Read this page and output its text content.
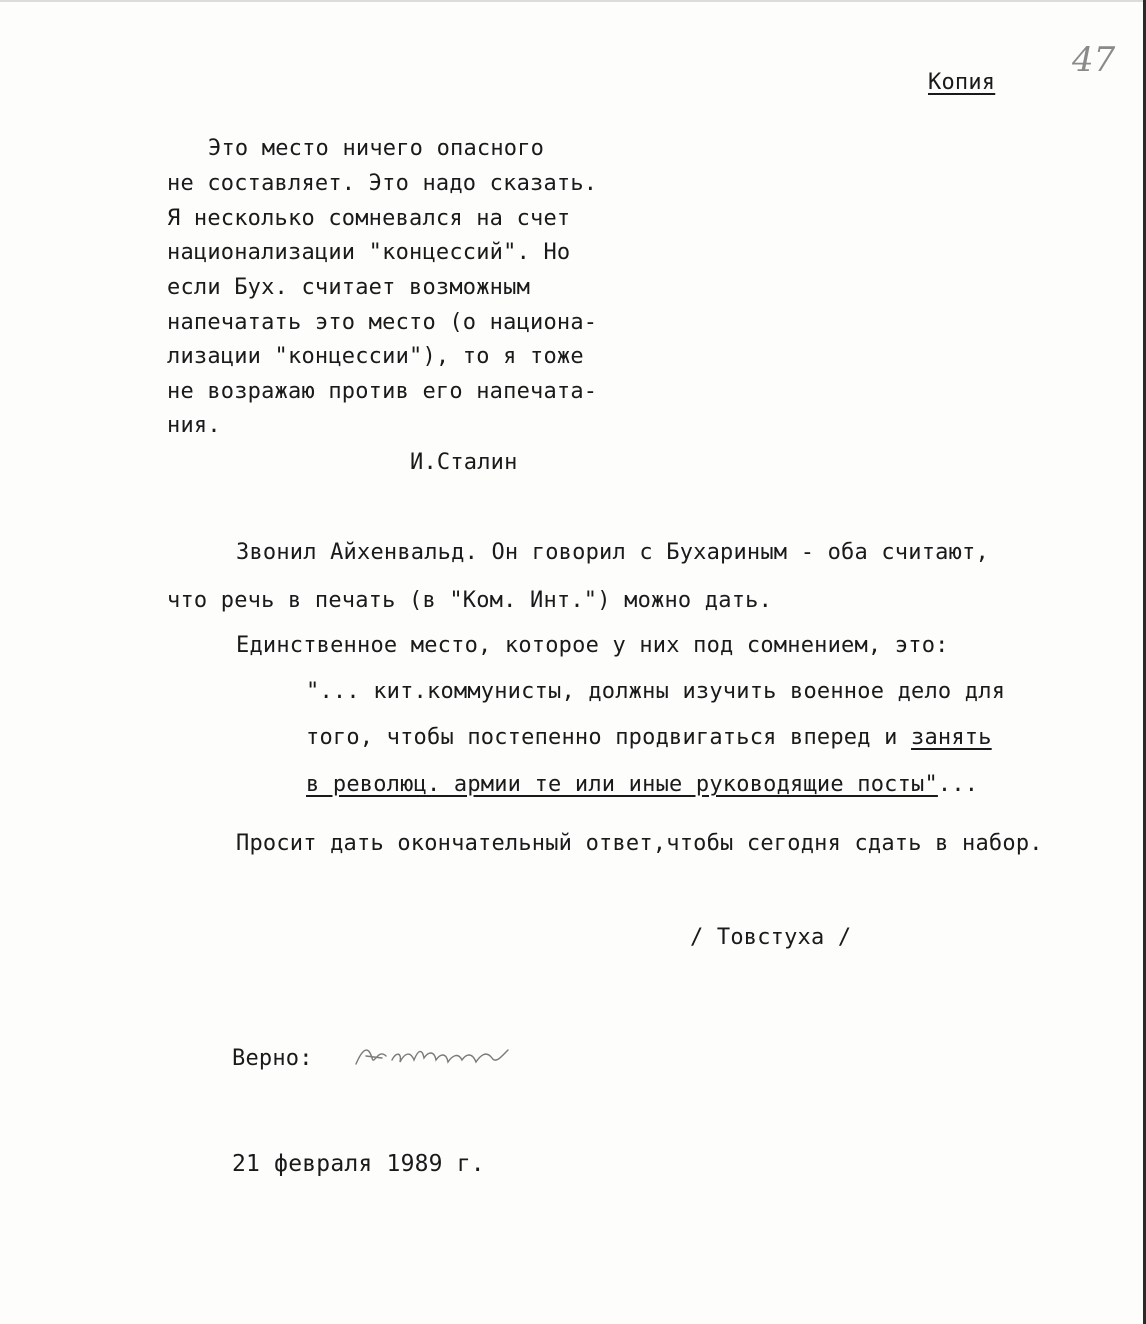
47
Копия
Это место ничего опасного
не составляет. Это надо сказать.
Я несколько сомневался на счет
национализации "концессий". Но
если Бух. считает возможным
напечатать это место (о национа-
лизации "концессии"), то я тоже
не возражаю против его напечата-
ния.
И.Сталин
Звонил Айхенвальд. Он говорил с Бухариным - оба считают,
что речь в печать (в "Ком. Инт.") можно дать.
Единственное место, которое у них под сомнением, это:
"... кит.коммунисты, должны изучить военное дело для
того, чтобы постепенно продвигаться вперед и занять
в революц. армии те или иные руководящие посты"...
Просит дать окончательный ответ,чтобы сегодня сдать в набор.
/ Товстуха /
Верно:
21 февраля 1989 г.
